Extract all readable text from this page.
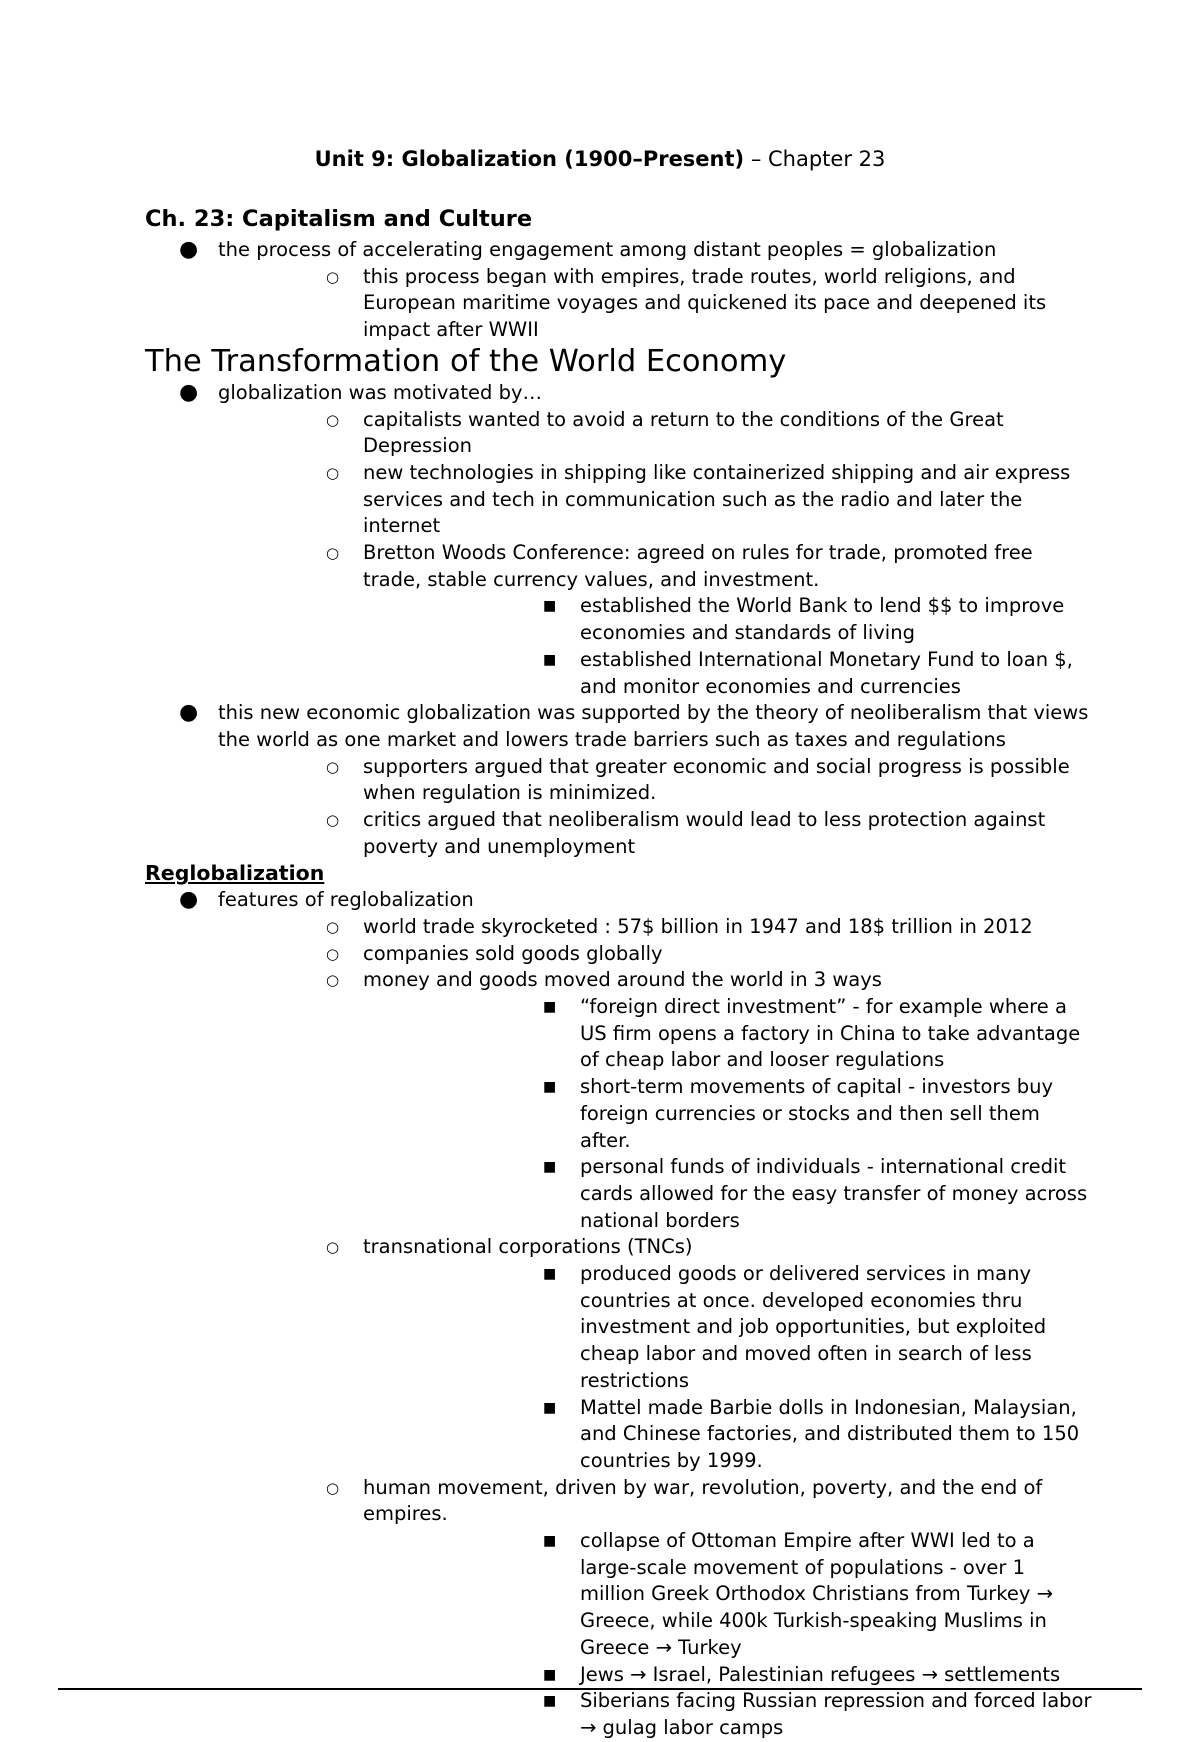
Unit 9: Globalization (1900–Present) – Chapter 23
Ch. 23: Capitalism and Culture
● the process of accelerating engagement among distant peoples = globalization
○ this process began with empires, trade routes, world religions, and European maritime voyages and quickened its pace and deepened its impact after WWII
The Transformation of the World Economy
● globalization was motivated by…
○ capitalists wanted to avoid a return to the conditions of the Great Depression
○ new technologies in shipping like containerized shipping and air express services and tech in communication such as the radio and later the internet
○ Bretton Woods Conference: agreed on rules for trade, promoted free trade, stable currency values, and investment.
■ established the World Bank to lend $$ to improve economies and standards of living
■ established International Monetary Fund to loan $, and monitor economies and currencies
● this new economic globalization was supported by the theory of neoliberalism that views the world as one market and lowers trade barriers such as taxes and regulations
○ supporters argued that greater economic and social progress is possible when regulation is minimized.
○ critics argued that neoliberalism would lead to less protection against poverty and unemployment
Reglobalization
● features of reglobalization
○ world trade skyrocketed : 57$ billion in 1947 and 18$ trillion in 2012
○ companies sold goods globally
○ money and goods moved around the world in 3 ways
■ “foreign direct investment” - for example where a US firm opens a factory in China to take advantage of cheap labor and looser regulations
■ short-term movements of capital - investors buy foreign currencies or stocks and then sell them after.
■ personal funds of individuals - international credit cards allowed for the easy transfer of money across national borders
○ transnational corporations (TNCs)
■ produced goods or delivered services in many countries at once. developed economies thru investment and job opportunities, but exploited cheap labor and moved often in search of less restrictions
■ Mattel made Barbie dolls in Indonesian, Malaysian, and Chinese factories, and distributed them to 150 countries by 1999.
○ human movement, driven by war, revolution, poverty, and the end of empires.
■ collapse of Ottoman Empire after WWI led to a large-scale movement of populations - over 1 million Greek Orthodox Christians from Turkey → Greece, while 400k Turkish-speaking Muslims in Greece → Turkey
■ Jews → Israel, Palestinian refugees → settlements
■ Siberians facing Russian repression and forced labor → gulag labor camps
